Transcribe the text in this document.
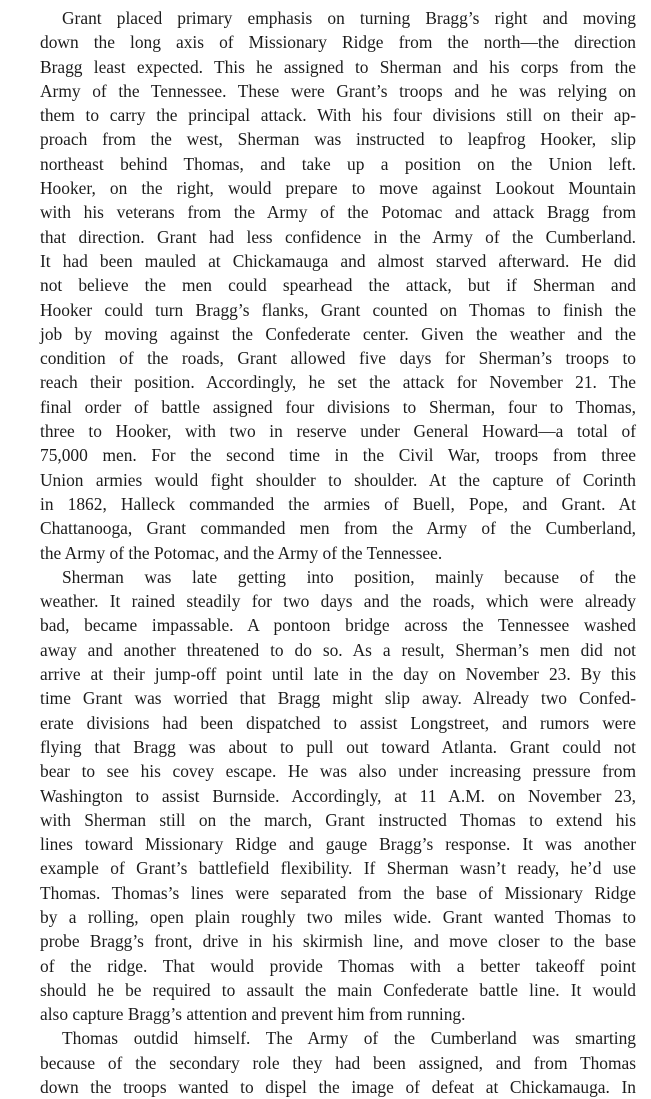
Grant placed primary emphasis on turning Bragg’s right and moving
down the long axis of Missionary Ridge from the north—the direction
Bragg least expected. This he assigned to Sherman and his corps from the
Army of the Tennessee. These were Grant’s troops and he was relying on
them to carry the principal attack. With his four divisions still on their ap-
proach from the west, Sherman was instructed to leapfrog Hooker, slip
northeast behind Thomas, and take up a position on the Union left.
Hooker, on the right, would prepare to move against Lookout Mountain
with his veterans from the Army of the Potomac and attack Bragg from
that direction. Grant had less confidence in the Army of the Cumberland.
It had been mauled at Chickamauga and almost starved afterward. He did
not believe the men could spearhead the attack, but if Sherman and
Hooker could turn Bragg’s flanks, Grant counted on Thomas to finish the
job by moving against the Confederate center. Given the weather and the
condition of the roads, Grant allowed five days for Sherman’s troops to
reach their position. Accordingly, he set the attack for November 21. The
final order of battle assigned four divisions to Sherman, four to Thomas,
three to Hooker, with two in reserve under General Howard—a total of
75,000 men. For the second time in the Civil War, troops from three
Union armies would fight shoulder to shoulder. At the capture of Corinth
in 1862, Halleck commanded the armies of Buell, Pope, and Grant. At
Chattanooga, Grant commanded men from the Army of the Cumberland,
the Army of the Potomac, and the Army of the Tennessee.
Sherman was late getting into position, mainly because of the
weather. It rained steadily for two days and the roads, which were already
bad, became impassable. A pontoon bridge across the Tennessee washed
away and another threatened to do so. As a result, Sherman’s men did not
arrive at their jump-off point until late in the day on November 23. By this
time Grant was worried that Bragg might slip away. Already two Confed-
erate divisions had been dispatched to assist Longstreet, and rumors were
flying that Bragg was about to pull out toward Atlanta. Grant could not
bear to see his covey escape. He was also under increasing pressure from
Washington to assist Burnside. Accordingly, at 11 A.M. on November 23,
with Sherman still on the march, Grant instructed Thomas to extend his
lines toward Missionary Ridge and gauge Bragg’s response. It was another
example of Grant’s battlefield flexibility. If Sherman wasn’t ready, he’d use
Thomas. Thomas’s lines were separated from the base of Missionary Ridge
by a rolling, open plain roughly two miles wide. Grant wanted Thomas to
probe Bragg’s front, drive in his skirmish line, and move closer to the base
of the ridge. That would provide Thomas with a better takeoff point
should he be required to assault the main Confederate battle line. It would
also capture Bragg’s attention and prevent him from running.
Thomas outdid himself. The Army of the Cumberland was smarting
because of the secondary role they had been assigned, and from Thomas
down the troops wanted to dispel the image of defeat at Chickamauga. In
